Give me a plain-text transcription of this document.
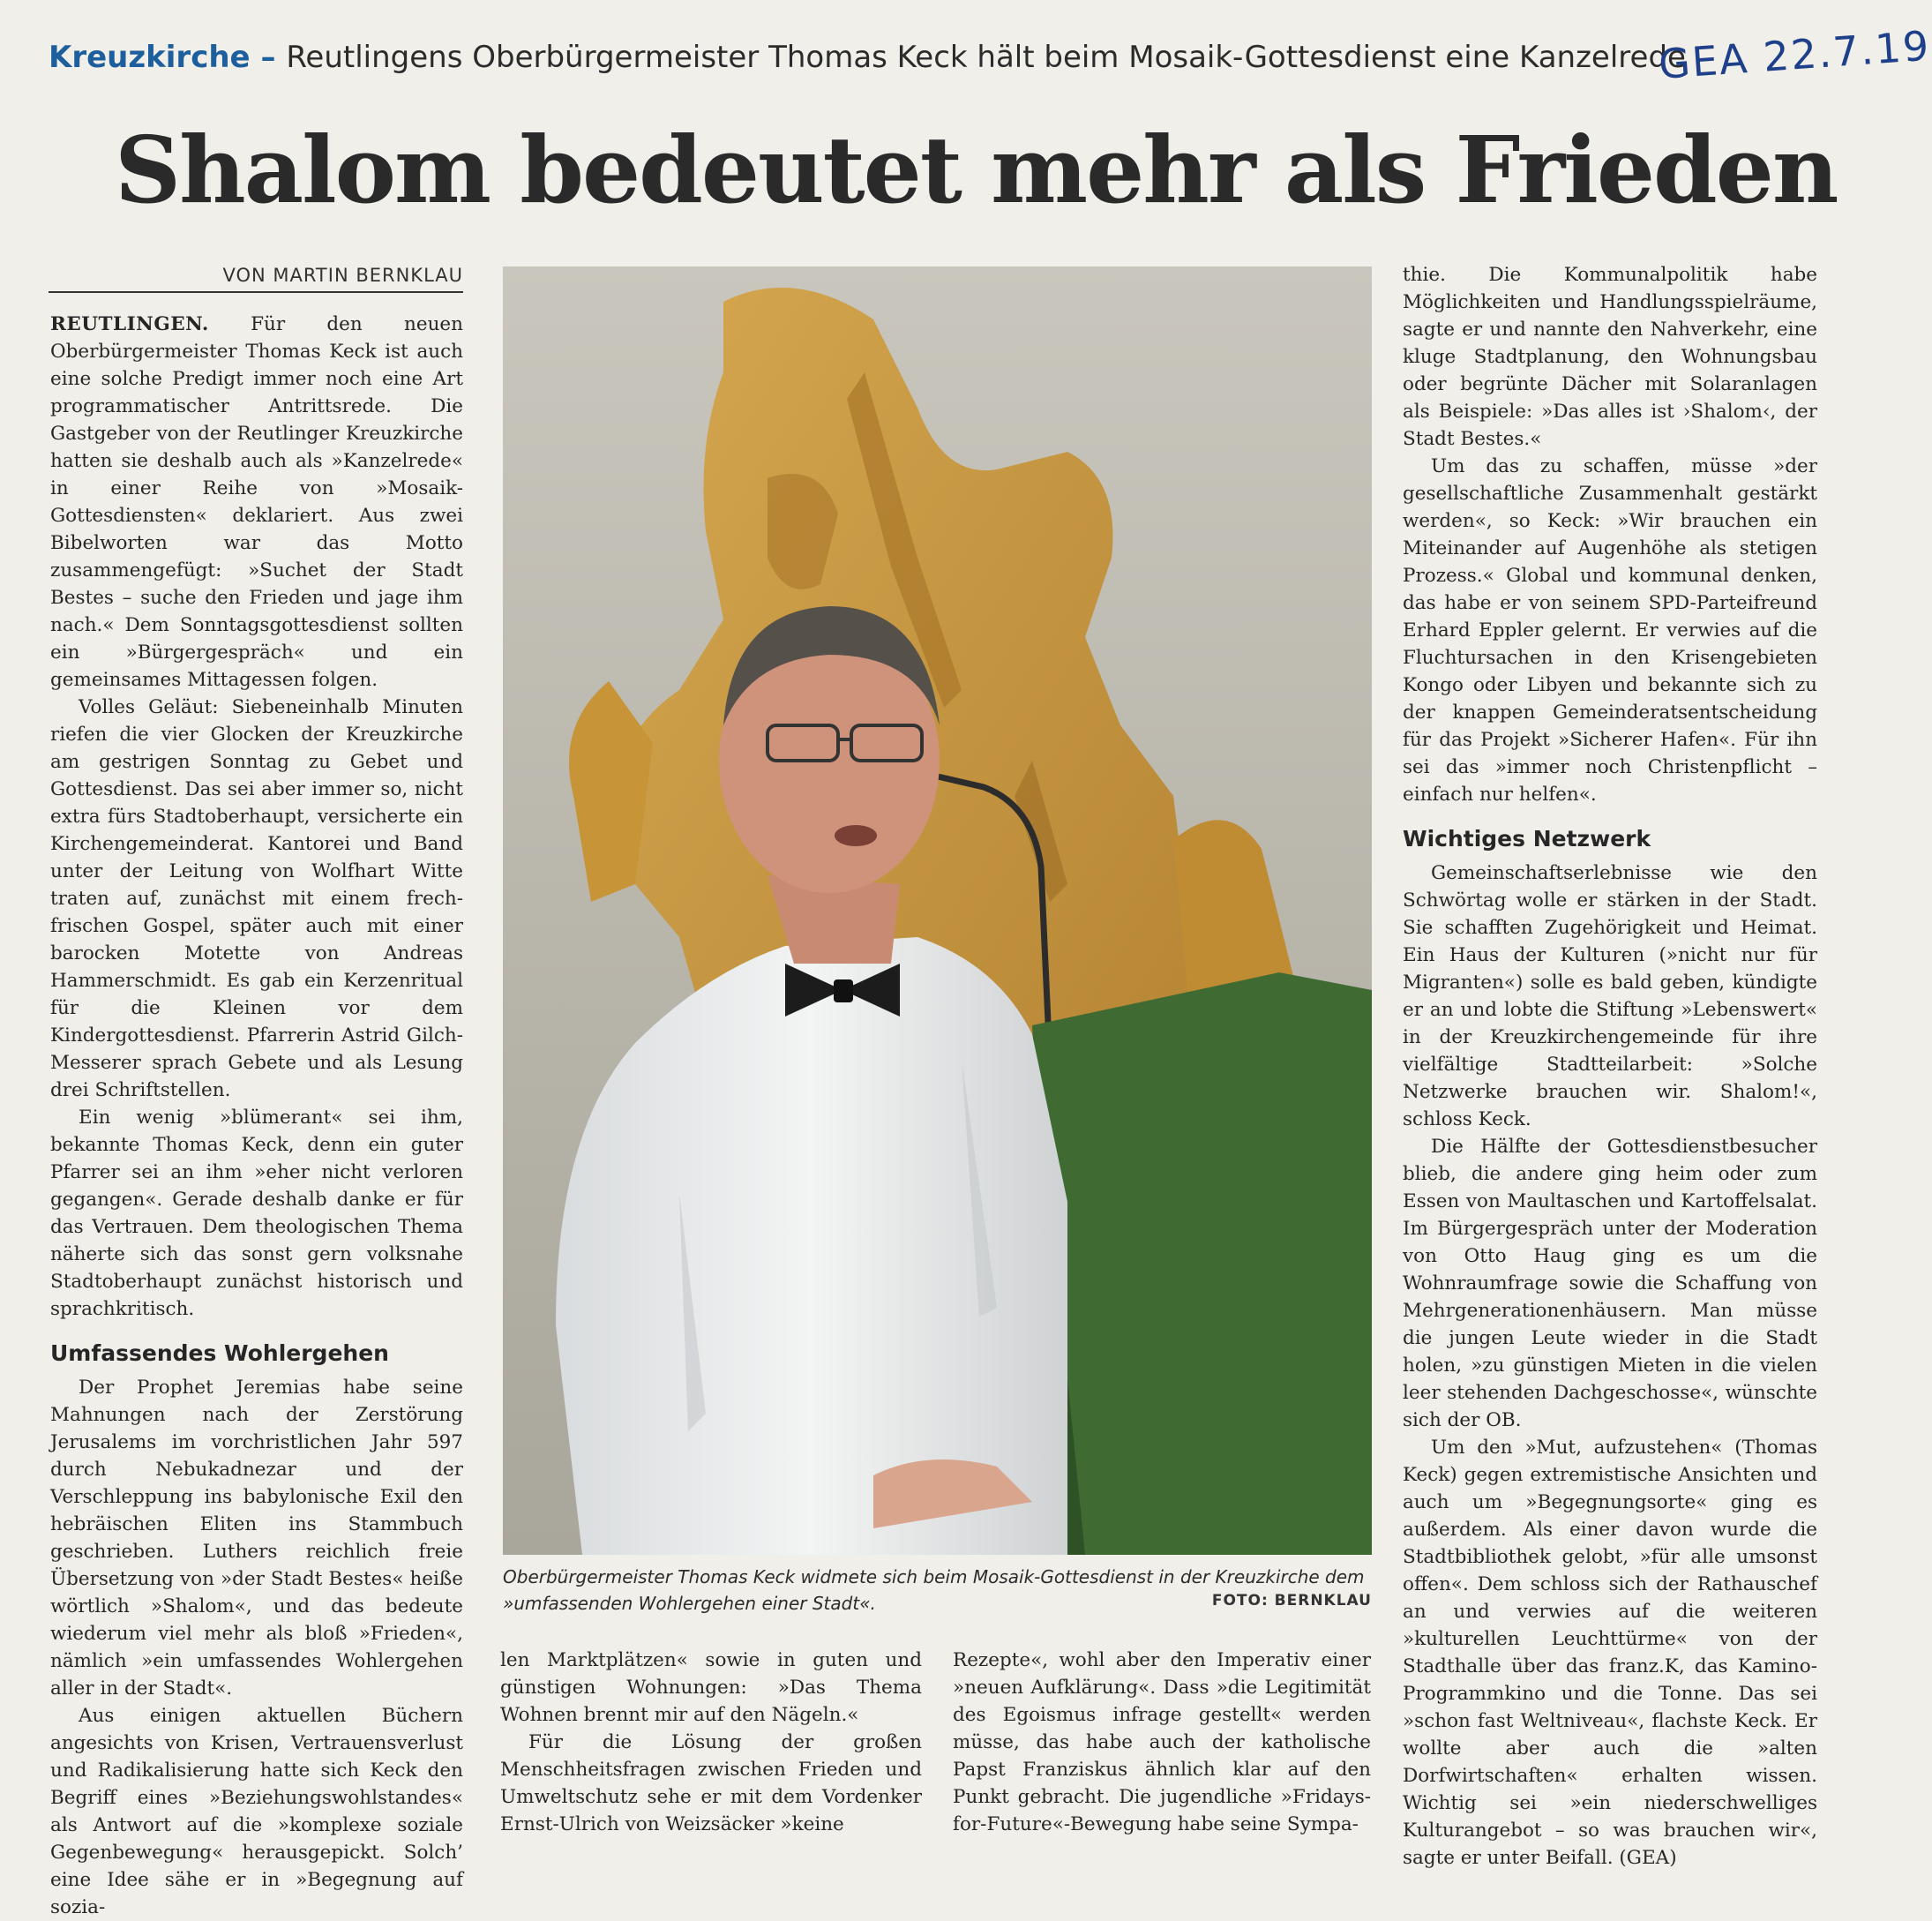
Kreuzkirche – Reutlingens Oberbürgermeister Thomas Keck hält beim Mosaik-Gottesdienst eine Kanzelrede
GEA 22.7.19
Shalom bedeutet mehr als Frieden
VON MARTIN BERNKLAU

REUTLINGEN. Für den neuen Oberbürgermeister Thomas Keck ist auch eine solche Predigt immer noch eine Art programmatischer Antrittsrede. Die Gastgeber von der Reutlinger Kreuzkirche hatten sie deshalb auch als »Kanzelrede« in einer Reihe von »Mosaik-Gottesdiensten« deklariert. Aus zwei Bibelworten war das Motto zusammengefügt: »Suchet der Stadt Bestes – suche den Frieden und jage ihm nach.« Dem Sonntagsgottesdienst sollten ein »Bürgergespräch« und ein gemeinsames Mittagessen folgen.

Volles Geläut: Siebeneinhalb Minuten riefen die vier Glocken der Kreuzkirche am gestrigen Sonntag zu Gebet und Gottesdienst. Das sei aber immer so, nicht extra fürs Stadtoberhaupt, versicherte ein Kirchengemeinderat. Kantorei und Band unter der Leitung von Wolfhart Witte traten auf, zunächst mit einem frech-frischen Gospel, später auch mit einer barocken Motette von Andreas Hammerschmidt. Es gab ein Kerzenritual für die Kleinen vor dem Kindergottesdienst. Pfarrerin Astrid Gilch-Messerer sprach Gebete und als Lesung drei Schriftstellen.

Ein wenig »blümerant« sei ihm, bekannte Thomas Keck, denn ein guter Pfarrer sei an ihm »eher nicht verloren gegangen«. Gerade deshalb danke er für das Vertrauen. Dem theologischen Thema näherte sich das sonst gern volksnahe Stadtoberhaupt zunächst historisch und sprachkritisch.

Umfassendes Wohlergehen

Der Prophet Jeremias habe seine Mahnungen nach der Zerstörung Jerusalems im vorchristlichen Jahr 597 durch Nebukadnezar und der Verschleppung ins babylonische Exil den hebräischen Eliten ins Stammbuch geschrieben. Luthers reichlich freie Übersetzung von »der Stadt Bestes« heiße wörtlich »Shalom«, und das bedeute wiederum viel mehr als bloß »Frieden«, nämlich »ein umfassendes Wohlergehen aller in der Stadt«.

Aus einigen aktuellen Büchern angesichts von Krisen, Vertrauensverlust und Radikalisierung hatte sich Keck den Begriff eines »Beziehungswohlstandes« als Antwort auf die »komplexe soziale Gegenbewegung« herausgepickt. Solch’ eine Idee sähe er in »Begegnung auf sozia-

Oberbürgermeister Thomas Keck widmete sich beim Mosaik-Gottesdienst in der Kreuzkirche dem »umfassenden Wohlergehen einer Stadt«.	FOTO: BERNKLAU

len Marktplätzen« sowie in guten und günstigen Wohnungen: »Das Thema Wohnen brennt mir auf den Nägeln.«

Für die Lösung der großen Menschheitsfragen zwischen Frieden und Umweltschutz sehe er mit dem Vordenker Ernst-Ulrich von Weizsäcker »keine

Rezepte«, wohl aber den Imperativ einer »neuen Aufklärung«. Dass »die Legitimität des Egoismus infrage gestellt« werden müsse, das habe auch der katholische Papst Franziskus ähnlich klar auf den Punkt gebracht. Die jugendliche »Fridays-for-Future«-Bewegung habe seine Sympa-

thie. Die Kommunalpolitik habe Möglichkeiten und Handlungsspielräume, sagte er und nannte den Nahverkehr, eine kluge Stadtplanung, den Wohnungsbau oder begrünte Dächer mit Solaranlagen als Beispiele: »Das alles ist ›Shalom‹, der Stadt Bestes.«

Um das zu schaffen, müsse »der gesellschaftliche Zusammenhalt gestärkt werden«, so Keck: »Wir brauchen ein Miteinander auf Augenhöhe als stetigen Prozess.« Global und kommunal denken, das habe er von seinem SPD-Parteifreund Erhard Eppler gelernt. Er verwies auf die Fluchtursachen in den Krisengebieten Kongo oder Libyen und bekannte sich zu der knappen Gemeinderatsentscheidung für das Projekt »Sicherer Hafen«. Für ihn sei das »immer noch Christenpflicht – einfach nur helfen«.

Wichtiges Netzwerk

Gemeinschaftserlebnisse wie den Schwörtag wolle er stärken in der Stadt. Sie schafften Zugehörigkeit und Heimat. Ein Haus der Kulturen (»nicht nur für Migranten«) solle es bald geben, kündigte er an und lobte die Stiftung »Lebenswert« in der Kreuzkirchengemeinde für ihre vielfältige Stadtteilarbeit: »Solche Netzwerke brauchen wir. Shalom!«, schloss Keck.

Die Hälfte der Gottesdienstbesucher blieb, die andere ging heim oder zum Essen von Maultaschen und Kartoffelsalat. Im Bürgergespräch unter der Moderation von Otto Haug ging es um die Wohnraumfrage sowie die Schaffung von Mehrgenerationenhäusern. Man müsse die jungen Leute wieder in die Stadt holen, »zu günstigen Mieten in die vielen leer stehenden Dachgeschosse«, wünschte sich der OB.

Um den »Mut, aufzustehen« (Thomas Keck) gegen extremistische Ansichten und auch um »Begegnungsorte« ging es außerdem. Als einer davon wurde die Stadtbibliothek gelobt, »für alle umsonst offen«. Dem schloss sich der Rathauschef an und verwies auf die weiteren »kulturellen Leuchttürme« von der Stadthalle über das franz.K, das Kamino-Programmkino und die Tonne. Das sei »schon fast Weltniveau«, flachste Keck. Er wollte aber auch die »alten Dorfwirtschaften« erhalten wissen. Wichtig sei »ein niederschwelliges Kulturangebot – so was brauchen wir«, sagte er unter Beifall. (GEA)
